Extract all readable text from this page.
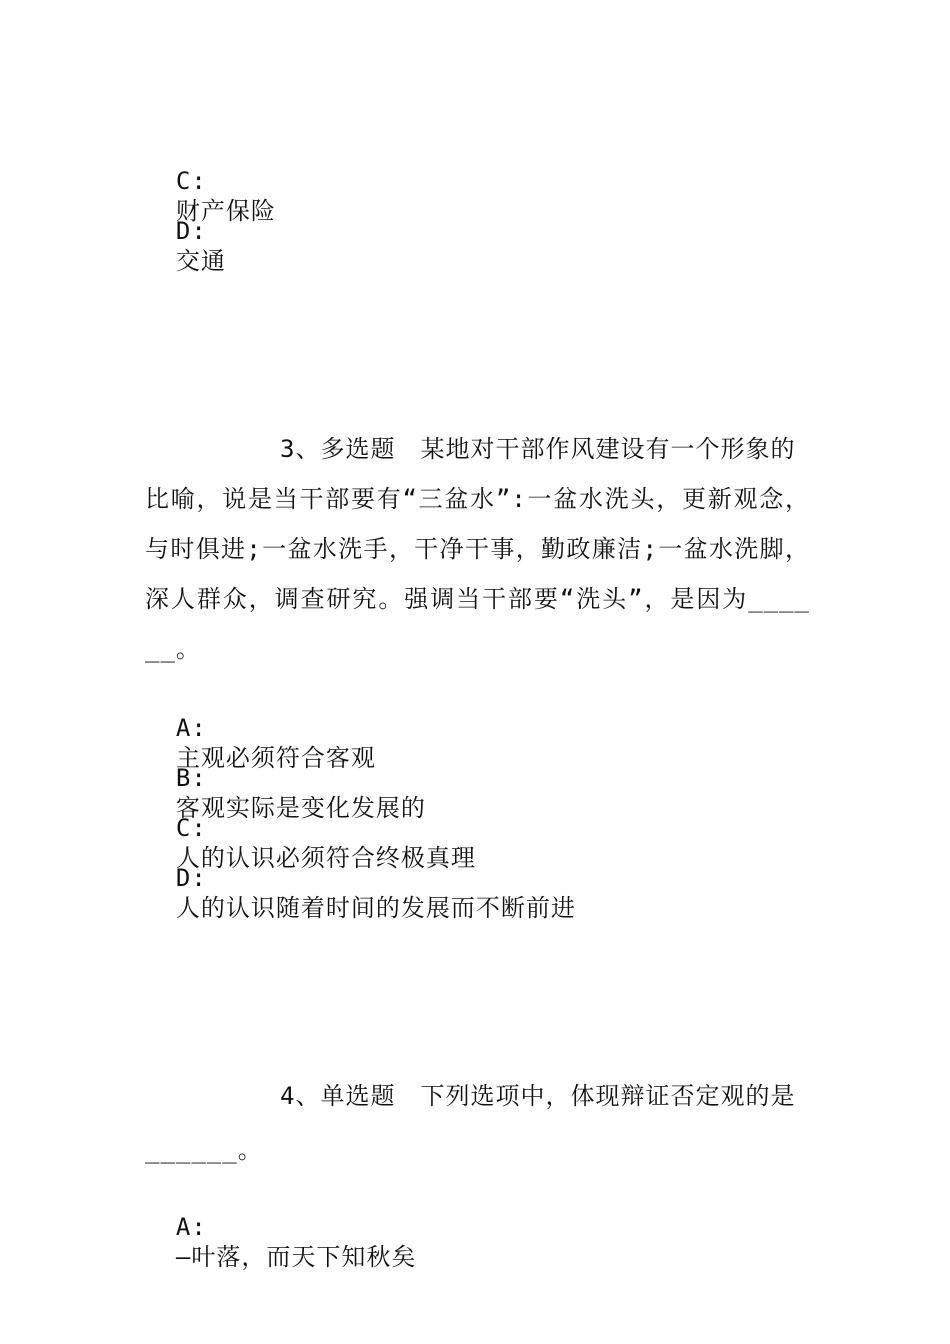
C:
财产保险

D:
交通

3、多选题　某地对干部作风建设有一个形象的
比喻，说是当干部要有“三盆水”:一盆水洗头，更新观念，
与时俱进;一盆水洗手，干净干事，勤政廉洁;一盆水洗脚，
深人群众，调查研究。强调当干部要“洗头”，是因为____
__。

A:
主观必须符合客观

B:
客观实际是变化发展的

C:
人的认识必须符合终极真理

D:
人的认识随着时间的发展而不断前进

4、单选题　下列选项中，体现辩证否定观的是
______。

A:
—叶落，而天下知秋矣
